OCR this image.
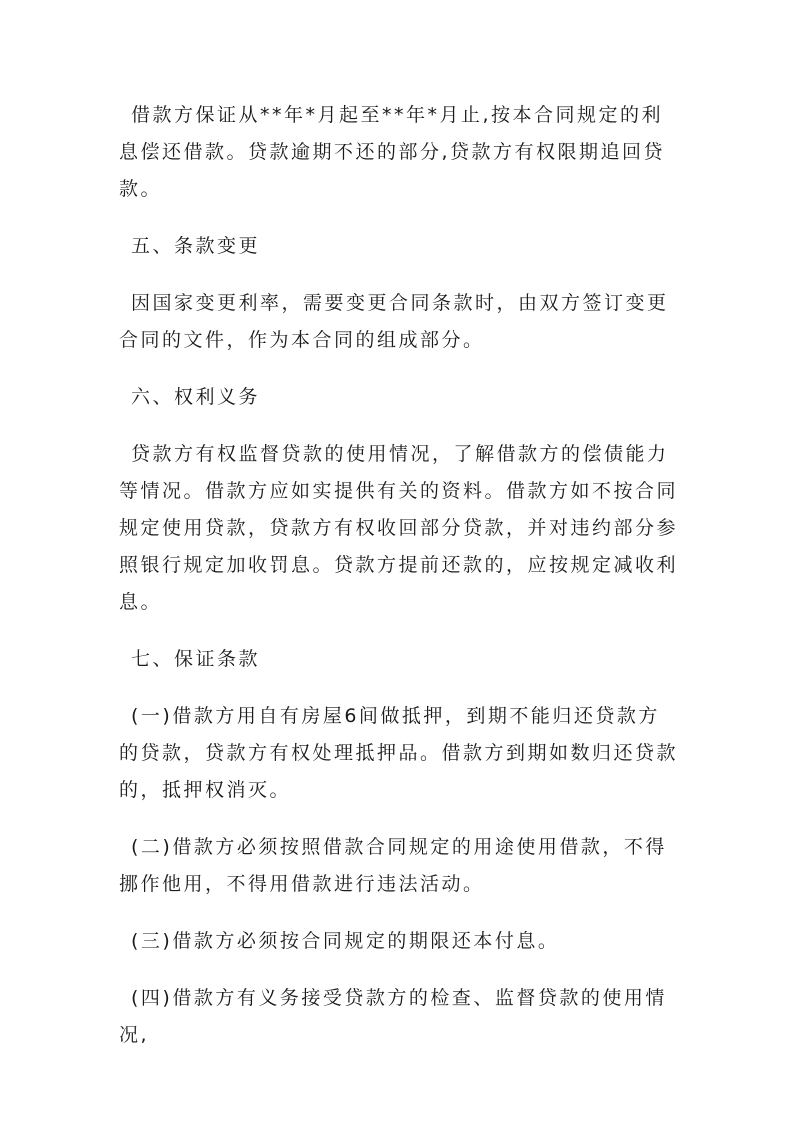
借款方保证从**年*月起至**年*月止,按本合同规定的利息偿还借款。贷款逾期不还的部分,贷款方有权限期追回贷款。

五、条款变更

因国家变更利率，需要变更合同条款时，由双方签订变更合同的文件，作为本合同的组成部分。

六、权利义务

贷款方有权监督贷款的使用情况，了解借款方的偿债能力等情况。借款方应如实提供有关的资料。借款方如不按合同规定使用贷款，贷款方有权收回部分贷款，并对违约部分参照银行规定加收罚息。贷款方提前还款的，应按规定减收利息。

七、保证条款

(一)借款方用自有房屋6间做抵押，到期不能归还贷款方的贷款，贷款方有权处理抵押品。借款方到期如数归还贷款的，抵押权消灭。

(二)借款方必须按照借款合同规定的用途使用借款，不得挪作他用，不得用借款进行违法活动。

(三)借款方必须按合同规定的期限还本付息。

(四)借款方有义务接受贷款方的检查、监督贷款的使用情况,
